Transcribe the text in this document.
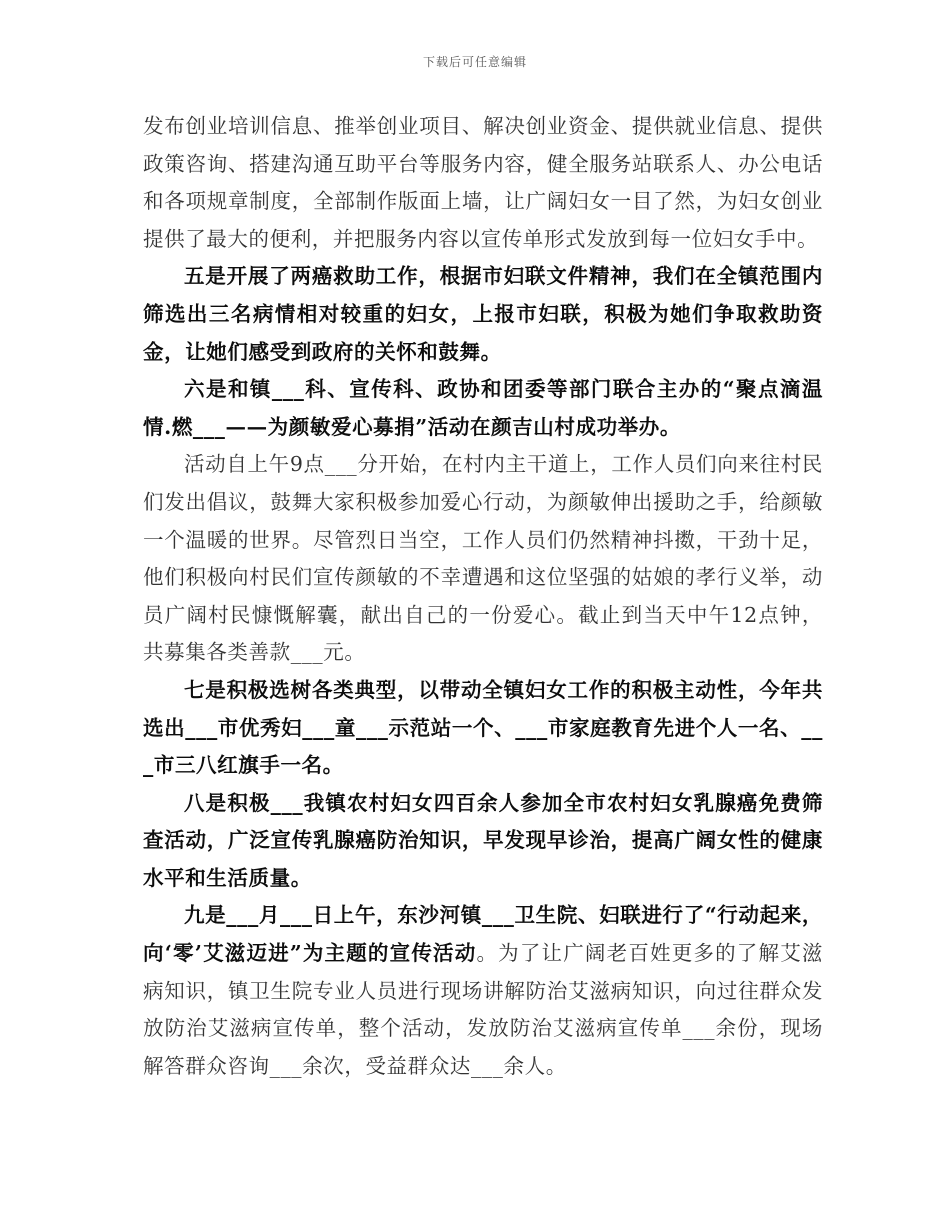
下载后可任意编辑

发布创业培训信息、推举创业项目、解决创业资金、提供就业信息、提供政策咨询、搭建沟通互助平台等服务内容，健全服务站联系人、办公电话和各项规章制度，全部制作版面上墙，让广阔妇女一目了然，为妇女创业提供了最大的便利，并把服务内容以宣传单形式发放到每一位妇女手中。

五是开展了两癌救助工作，根据市妇联文件精神，我们在全镇范围内筛选出三名病情相对较重的妇女，上报市妇联，积极为她们争取救助资金，让她们感受到政府的关怀和鼓舞。

六是和镇___科、宣传科、政协和团委等部门联合主办的“聚点滴温情.燃___——为颜敏爱心募捐”活动在颜吉山村成功举办。

活动自上午9点___分开始，在村内主干道上，工作人员们向来往村民们发出倡议，鼓舞大家积极参加爱心行动，为颜敏伸出援助之手，给颜敏一个温暖的世界。尽管烈日当空，工作人员们仍然精神抖擞，干劲十足，他们积极向村民们宣传颜敏的不幸遭遇和这位坚强的姑娘的孝行义举，动员广阔村民慷慨解囊，献出自己的一份爱心。截止到当天中午12点钟，共募集各类善款___元。

七是积极选树各类典型，以带动全镇妇女工作的积极主动性，今年共选出___市优秀妇___童___示范站一个、___市家庭教育先进个人一名、___市三八红旗手一名。

八是积极___我镇农村妇女四百余人参加全市农村妇女乳腺癌免费筛查活动，广泛宣传乳腺癌防治知识，早发现早诊治，提高广阔女性的健康水平和生活质量。

九是___月___日上午，东沙河镇___卫生院、妇联进行了“行动起来，向‘零’艾滋迈进”为主题的宣传活动。为了让广阔老百姓更多的了解艾滋病知识，镇卫生院专业人员进行现场讲解防治艾滋病知识，向过往群众发放防治艾滋病宣传单，整个活动，发放防治艾滋病宣传单___余份，现场解答群众咨询___余次，受益群众达___余人。
